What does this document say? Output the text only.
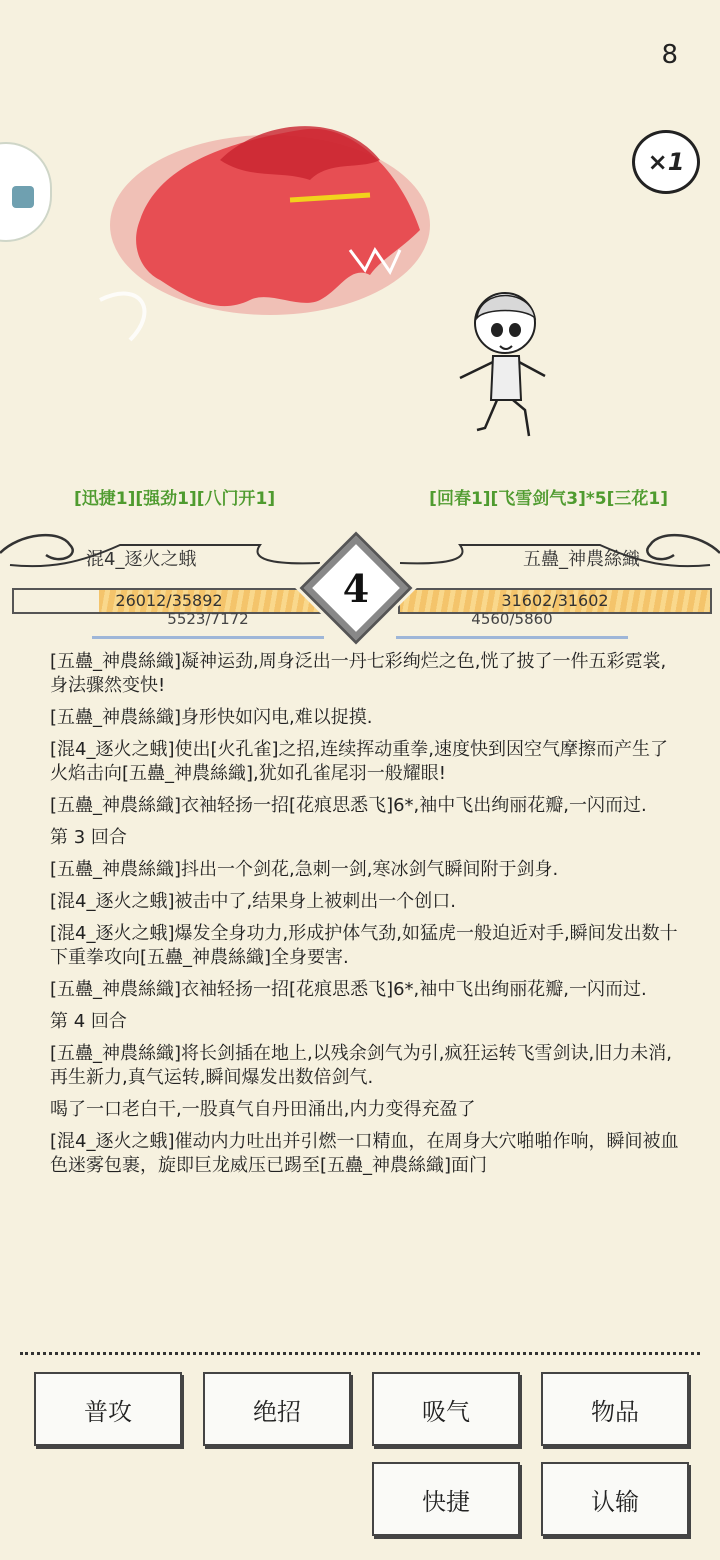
8
×1
[迅捷1][强劲1][八门开1]	[回春1][飞雪剑气3]*5[三花1]
混4_逐火之蛾	五蠱_神農絲織
26012/35892	31602/31602
5523/7172	4560/5860
4

[五蠱_神農絲織]凝神运劲,周身泛出一丹七彩绚烂之色,恍了披了一件五彩霓裳,身法骤然变快!

[五蠱_神農絲織]身形快如闪电,难以捉摸.

[混4_逐火之蛾]使出[火孔雀]之招,连续挥动重拳,速度快到因空气摩擦而产生了火焰击向[五蠱_神農絲織],犹如孔雀尾羽一般耀眼!

[五蠱_神農絲織]衣袖轻扬一招[花痕思悉飞]6*,袖中飞出绚丽花瓣,一闪而过.

第 3 回合

[五蠱_神農絲織]抖出一个剑花,急刺一剑,寒冰剑气瞬间附于剑身.

[混4_逐火之蛾]被击中了,结果身上被刺出一个创口.

[混4_逐火之蛾]爆发全身功力,形成护体气劲,如猛虎一般迫近对手,瞬间发出数十下重拳攻向[五蠱_神農絲織]全身要害.

[五蠱_神農絲織]衣袖轻扬一招[花痕思悉飞]6*,袖中飞出绚丽花瓣,一闪而过.

第 4 回合

[五蠱_神農絲織]将长剑插在地上,以残余剑气为引,疯狂运转飞雪剑诀,旧力未消,再生新力,真气运转,瞬间爆发出数倍剑气.

喝了一口老白干,一股真气自丹田涌出,内力变得充盈了

[混4_逐火之蛾]催动内力吐出并引燃一口精血，在周身大穴啪啪作响，瞬间被血色迷雾包裹，旋即巨龙威压已踢至[五蠱_神農絲織]面门

普攻	绝招	吸气	物品
快捷	认输
